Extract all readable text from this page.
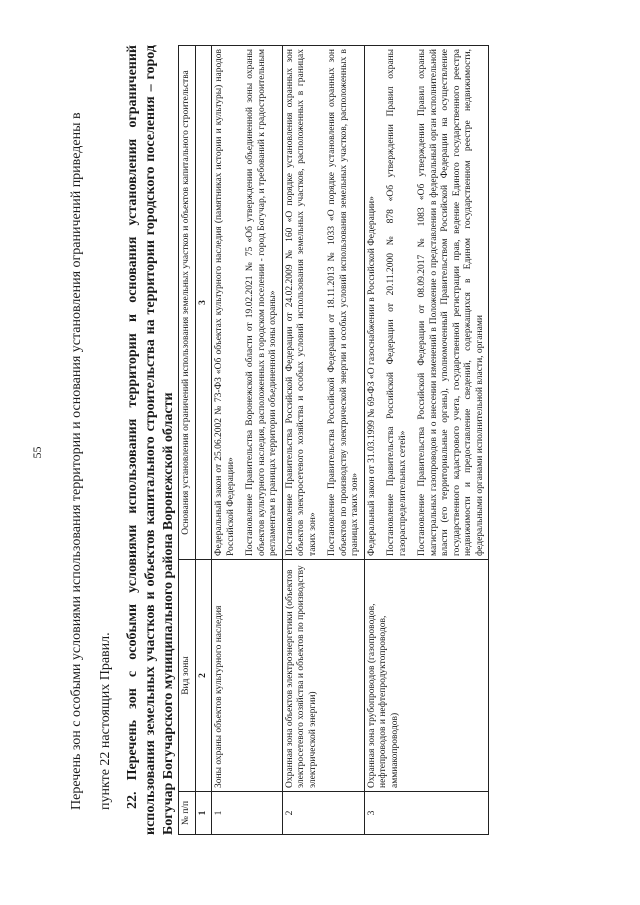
55	Перечень зон с особыми условиями использования территории и основания установления ограничений приведены в	пункте 22 настоящих Правил. 22. Перечень зон с особыми условиями использования территории и основания установления ограничений использования земельных участков и объектов капитального строительства на территории городского поселения – город Богучар Богучарского муниципального района Воронежской области № п/п	Вид зоны	Основания установления ограничений использования земельных участков и объектов капитального строительства
1	2	3
1	Зоны охраны объектов культурного наследия	Федеральный закон от 25.06.2002 № 73-ФЗ «Об объектах культурного наследия (памятниках истории и культуры) народов Российской Федерации» Постановление Правительства Воронежской области от 19.02.2021 № 75 «Об утверждении объединенной зоны охраны объектов культурного наследия, расположенных в городском поселении - город Богучар, и требований к градостроительным регламентам в границах территории объединенной зоны охраны»

2	Охранная зона объектов электроэнергетики (объектов электросетевого хозяйства и объектов по производству электрической энергии)	Постановление Правительства Российской Федерации от 24.02.2009 № 160 «О порядке установления охранных зон объектов электросетевого хозяйства и особых условий использования земельных участков, расположенных в границах таких зон» Постановление Правительства Российской Федерации от 18.11.2013 № 1033 «О порядке установления охранных зон объектов по производству электрической энергии и особых условий использования земельных участков, расположенных в границах таких зон»

3	Охранная зона трубопроводов (газопроводов, нефтепроводов и нефтепродуктопроводов, аммиакопроводов)	Федеральный закон от 31.03.1999 № 69-ФЗ «О газоснабжении в Российской Федерации» Постановление Правительства Российской Федерации от 20.11.2000 № 878 «Об утверждении Правил охраны газораспределительных сетей» Постановление Правительства Российской Федерации от 08.09.2017 № 1083 «Об утверждении Правил охраны магистральных газопроводов и о внесении изменений в Положение о представлении в федеральный орган исполнительной власти (его территориальные органы), уполномоченный Правительством Российской Федерации на осуществление государственного кадастрового учета, государственной регистрации прав, ведение Единого государственного реестра недвижимости и предоставление сведений, содержащихся в Едином государственном реестре недвижимости, федеральными органами исполнительной власти, органами
